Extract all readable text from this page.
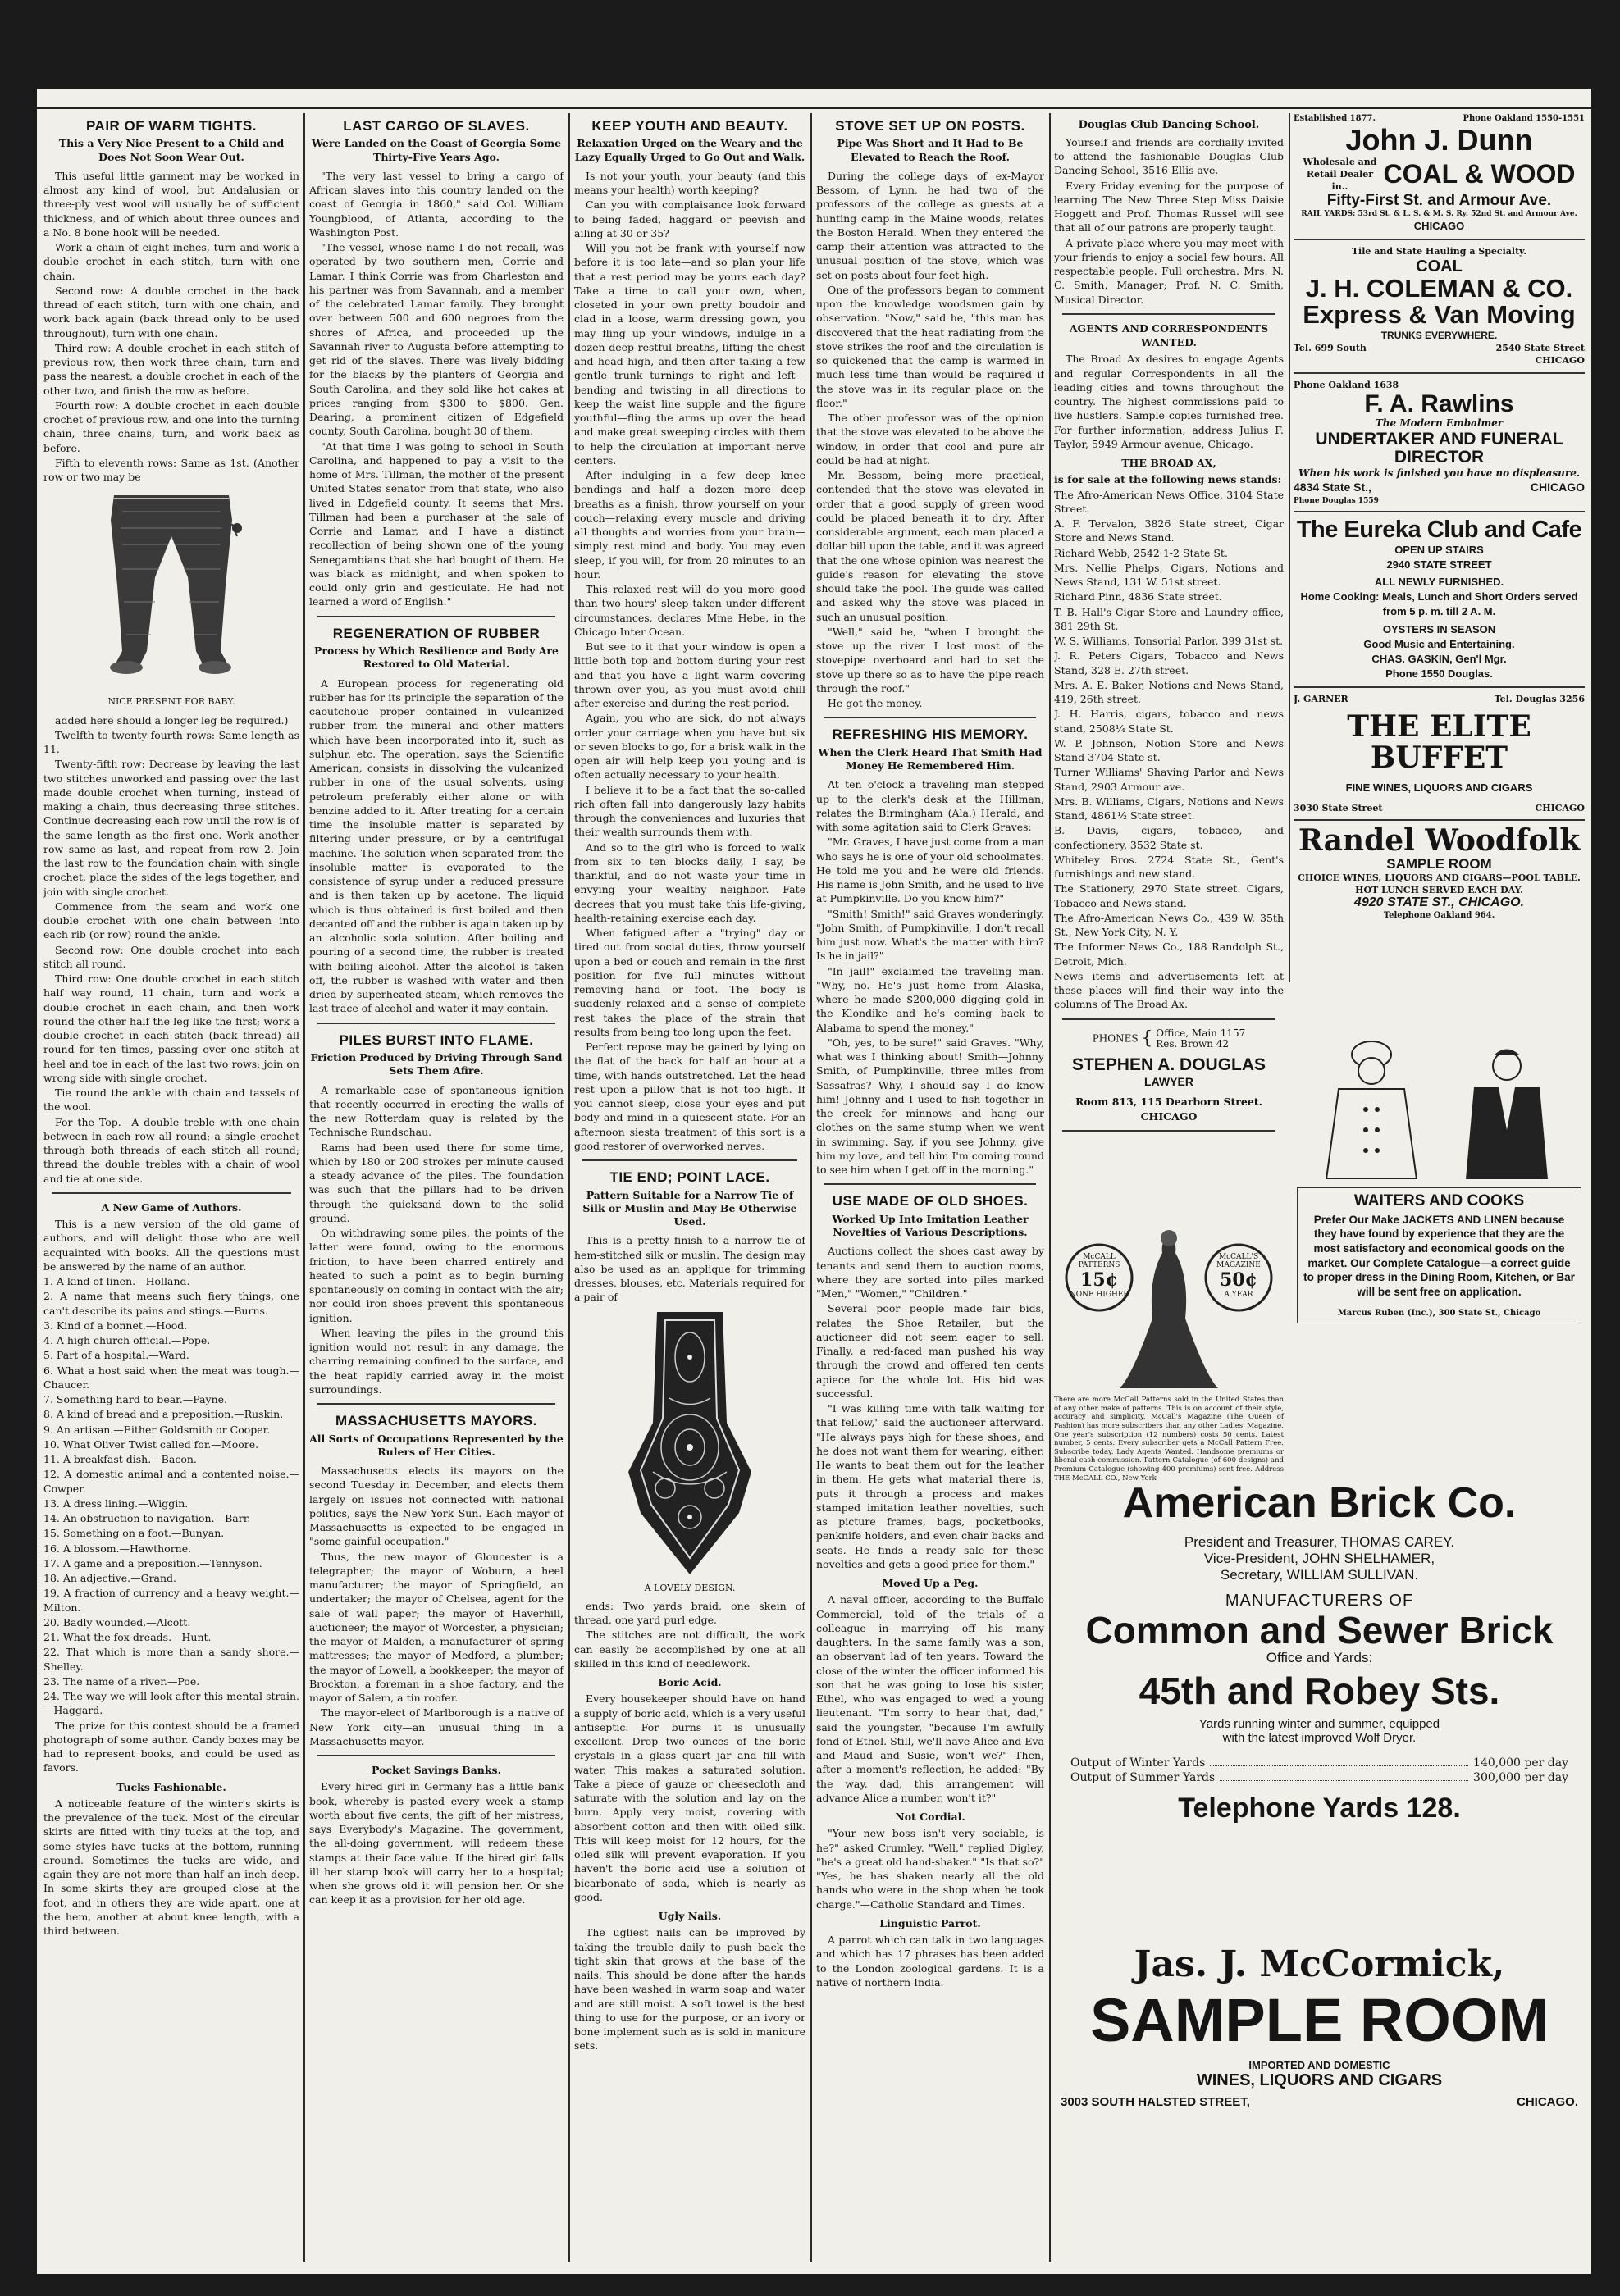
PAIR OF WARM TIGHTS.
This a Very Nice Present to a Child and Does Not Soon Wear Out.

This useful little garment may be worked in almost any kind of wool, but Andalusian or three-ply vest wool will usually be of sufficient thickness, and of which about three ounces and a No. 8 bone hook will be needed.

Work a chain of eight inches, turn and work a double crochet in each stitch, turn with one chain.

Second row: A double crochet in the back thread of each stitch, turn with one chain, and work back again (back thread only to be used throughout), turn with one chain.

Third row: A double crochet in each stitch of previous row, then work three chain, turn and pass the nearest, a double crochet in each of the other two, and finish the row as before.

Fourth row: A double crochet in each double crochet of previous row, and one into the turning chain, three chains, turn, and work back as before.

Fifth to eleventh rows: Same as 1st. (Another row or two may be

NICE PRESENT FOR BABY.

added here should a longer leg be required.)

Twelfth to twenty-fourth rows: Same length as 11.

Twenty-fifth row: Decrease by leaving the last two stitches unworked and passing over the last made double crochet when turning, instead of making a chain, thus decreasing three stitches. Continue decreasing each row until the row is of the same length as the first one. Work another row same as last, and repeat from row 2. Join the last row to the foundation chain with single crochet, place the sides of the legs together, and join with single crochet.

Commence from the seam and work one double crochet with one chain between into each rib (or row) round the ankle.

Second row: One double crochet into each stitch all round.

Third row: One double crochet in each stitch half way round, 11 chain, turn and work a double crochet in each chain, and then work round the other half the leg like the first; work a double crochet in each stitch (back thread) all round for ten times, passing over one stitch at heel and toe in each of the last two rows; join on wrong side with single crochet.

Tie round the ankle with chain and tassels of the wool.

For the Top.—A double treble with one chain between in each row all round; a single crochet through both threads of each stitch all round; thread the double trebles with a chain of wool and tie at one side.

A New Game of Authors.

This is a new version of the old game of authors, and will delight those who are well acquainted with books. All the questions must be answered by the name of an author.

1. A kind of linen.—Holland.

2. A name that means such fiery things, one can't describe its pains and stings.—Burns.

3. Kind of a bonnet.—Hood.

4. A high church official.—Pope.

5. Part of a hospital.—Ward.

6. What a host said when the meat was tough.—Chaucer.

7. Something hard to bear.—Payne.

8. A kind of bread and a preposition.—Ruskin.

9. An artisan.—Either Goldsmith or Cooper.

10. What Oliver Twist called for.—Moore.

11. A breakfast dish.—Bacon.

12. A domestic animal and a contented noise.—Cowper.

13. A dress lining.—Wiggin.

14. An obstruction to navigation.—Barr.

15. Something on a foot.—Bunyan.

16. A blossom.—Hawthorne.

17. A game and a preposition.—Tennyson.

18. An adjective.—Grand.

19. A fraction of currency and a heavy weight.—Milton.

20. Badly wounded.—Alcott.

21. What the fox dreads.—Hunt.

22. That which is more than a sandy shore.—Shelley.

23. The name of a river.—Poe.

24. The way we will look after this mental strain.—Haggard.

The prize for this contest should be a framed photograph of some author. Candy boxes may be had to represent books, and could be used as favors.

Tucks Fashionable.

A noticeable feature of the winter's skirts is the prevalence of the tuck. Most of the circular skirts are fitted with tiny tucks at the top, and some styles have tucks at the bottom, running around. Sometimes the tucks are wide, and again they are not more than half an inch deep. In some skirts they are grouped close at the foot, and in others they are wide apart, one at the hem, another at about knee length, with a third between.

LAST CARGO OF SLAVES.
Were Landed on the Coast of Georgia Some Thirty-Five Years Ago.

"The very last vessel to bring a cargo of African slaves into this country landed on the coast of Georgia in 1860," said Col. William Youngblood, of Atlanta, according to the Washington Post.

"The vessel, whose name I do not recall, was operated by two southern men, Corrie and Lamar. I think Corrie was from Charleston and his partner was from Savannah, and a member of the celebrated Lamar family. They brought over between 500 and 600 negroes from the shores of Africa, and proceeded up the Savannah river to Augusta before attempting to get rid of the slaves. There was lively bidding for the blacks by the planters of Georgia and South Carolina, and they sold like hot cakes at prices ranging from $300 to $800. Gen. Dearing, a prominent citizen of Edgefield county, South Carolina, bought 30 of them.

"At that time I was going to school in South Carolina, and happened to pay a visit to the home of Mrs. Tillman, the mother of the present United States senator from that state, who also lived in Edgefield county. It seems that Mrs. Tillman had been a purchaser at the sale of Corrie and Lamar, and I have a distinct recollection of being shown one of the young Senegambians that she had bought of them. He was black as midnight, and when spoken to could only grin and gesticulate. He had not learned a word of English."

REGENERATION OF RUBBER
Process by Which Resilience and Body Are Restored to Old Material.

A European process for regenerating old rubber has for its principle the separation of the caoutchouc proper contained in vulcanized rubber from the mineral and other matters which have been incorporated into it, such as sulphur, etc. The operation, says the Scientific American, consists in dissolving the vulcanized rubber in one of the usual solvents, using petroleum preferably either alone or with benzine added to it. After treating for a certain time the insoluble matter is separated by filtering under pressure, or by a centrifugal machine. The solution when separated from the insoluble matter is evaporated to the consistence of syrup under a reduced pressure and is then taken up by acetone. The liquid which is thus obtained is first boiled and then decanted off and the rubber is again taken up by an alcoholic soda solution. After boiling and pouring of a second time, the rubber is treated with boiling alcohol. After the alcohol is taken off, the rubber is washed with water and then dried by superheated steam, which removes the last trace of alcohol and water it may contain.

PILES BURST INTO FLAME.
Friction Produced by Driving Through Sand Sets Them Afire.

A remarkable case of spontaneous ignition that recently occurred in erecting the walls of the new Rotterdam quay is related by the Technische Rundschau.

Rams had been used there for some time, which by 180 or 200 strokes per minute caused a steady advance of the piles. The foundation was such that the pillars had to be driven through the quicksand down to the solid ground.

On withdrawing some piles, the points of the latter were found, owing to the enormous friction, to have been charred entirely and heated to such a point as to begin burning spontaneously on coming in contact with the air; nor could iron shoes prevent this spontaneous ignition.

When leaving the piles in the ground this ignition would not result in any damage, the charring remaining confined to the surface, and the heat rapidly carried away in the moist surroundings.

MASSACHUSETTS MAYORS.
All Sorts of Occupations Represented by the Rulers of Her Cities.

Massachusetts elects its mayors on the second Tuesday in December, and elects them largely on issues not connected with national politics, says the New York Sun. Each mayor of Massachusetts is expected to be engaged in "some gainful occupation."

Thus, the new mayor of Gloucester is a telegrapher; the mayor of Woburn, a heel manufacturer; the mayor of Springfield, an undertaker; the mayor of Chelsea, agent for the sale of wall paper; the mayor of Haverhill, auctioneer; the mayor of Worcester, a physician; the mayor of Malden, a manufacturer of spring mattresses; the mayor of Medford, a plumber; the mayor of Lowell, a bookkeeper; the mayor of Brockton, a foreman in a shoe factory, and the mayor of Salem, a tin roofer.

The mayor-elect of Marlborough is a native of New York city—an unusual thing in a Massachusetts mayor.

Pocket Savings Banks.

Every hired girl in Germany has a little bank book, whereby is pasted every week a stamp worth about five cents, the gift of her mistress, says Everybody's Magazine. The government, the all-doing government, will redeem these stamps at their face value. If the hired girl falls ill her stamp book will carry her to a hospital; when she grows old it will pension her. Or she can keep it as a provision for her old age.

KEEP YOUTH AND BEAUTY.
Relaxation Urged on the Weary and the Lazy Equally Urged to Go Out and Walk.

Is not your youth, your beauty (and this means your health) worth keeping?

Can you with complaisance look forward to being faded, haggard or peevish and ailing at 30 or 35?

Will you not be frank with yourself now before it is too late—and so plan your life that a rest period may be yours each day? Take a time to call your own, when, closeted in your own pretty boudoir and clad in a loose, warm dressing gown, you may fling up your windows, indulge in a dozen deep restful breaths, lifting the chest and head high, and then after taking a few gentle trunk turnings to right and left—bending and twisting in all directions to keep the waist line supple and the figure youthful—fling the arms up over the head and make great sweeping circles with them to help the circulation at important nerve centers.

After indulging in a few deep knee bendings and half a dozen more deep breaths as a finish, throw yourself on your couch—relaxing every muscle and driving all thoughts and worries from your brain—simply rest mind and body. You may even sleep, if you will, for from 20 minutes to an hour.

This relaxed rest will do you more good than two hours' sleep taken under different circumstances, declares Mme Hebe, in the Chicago Inter Ocean.

But see to it that your window is open a little both top and bottom during your rest and that you have a light warm covering thrown over you, as you must avoid chill after exercise and during the rest period.

Again, you who are sick, do not always order your carriage when you have but six or seven blocks to go, for a brisk walk in the open air will help keep you young and is often actually necessary to your health.

I believe it to be a fact that the so-called rich often fall into dangerously lazy habits through the conveniences and luxuries that their wealth surrounds them with.

And so to the girl who is forced to walk from six to ten blocks daily, I say, be thankful, and do not waste your time in envying your wealthy neighbor. Fate decrees that you must take this life-giving, health-retaining exercise each day.

When fatigued after a "trying" day or tired out from social duties, throw yourself upon a bed or couch and remain in the first position for five full minutes without removing hand or foot. The body is suddenly relaxed and a sense of complete rest takes the place of the strain that results from being too long upon the feet.

Perfect repose may be gained by lying on the flat of the back for half an hour at a time, with hands outstretched. Let the head rest upon a pillow that is not too high. If you cannot sleep, close your eyes and put body and mind in a quiescent state. For an afternoon siesta treatment of this sort is a good restorer of overworked nerves.

TIE END; POINT LACE.
Pattern Suitable for a Narrow Tie of Silk or Muslin and May Be Otherwise Used.

This is a pretty finish to a narrow tie of hem-stitched silk or muslin. The design may also be used as an applique for trimming dresses, blouses, etc. Materials required for a pair of

A LOVELY DESIGN.

ends: Two yards braid, one skein of thread, one yard purl edge.

The stitches are not difficult, the work can easily be accomplished by one at all skilled in this kind of needlework.

Boric Acid.

Every housekeeper should have on hand a supply of boric acid, which is a very useful antiseptic. For burns it is unusually excellent. Drop two ounces of the boric crystals in a glass quart jar and fill with water. This makes a saturated solution. Take a piece of gauze or cheesecloth and saturate with the solution and lay on the burn. Apply very moist, covering with absorbent cotton and then with oiled silk. This will keep moist for 12 hours, for the oiled silk will prevent evaporation. If you haven't the boric acid use a solution of bicarbonate of soda, which is nearly as good.

Ugly Nails.

The ugliest nails can be improved by taking the trouble daily to push back the tight skin that grows at the base of the nails. This should be done after the hands have been washed in warm soap and water and are still moist. A soft towel is the best thing to use for the purpose, or an ivory or bone implement such as is sold in manicure sets.

STOVE SET UP ON POSTS.
Pipe Was Short and It Had to Be Elevated to Reach the Roof.

During the college days of ex-Mayor Bessom, of Lynn, he had two of the professors of the college as guests at a hunting camp in the Maine woods, relates the Boston Herald. When they entered the camp their attention was attracted to the unusual position of the stove, which was set on posts about four feet high.

One of the professors began to comment upon the knowledge woodsmen gain by observation. "Now," said he, "this man has discovered that the heat radiating from the stove strikes the roof and the circulation is so quickened that the camp is warmed in much less time than would be required if the stove was in its regular place on the floor."

The other professor was of the opinion that the stove was elevated to be above the window, in order that cool and pure air could be had at night.

Mr. Bessom, being more practical, contended that the stove was elevated in order that a good supply of green wood could be placed beneath it to dry. After considerable argument, each man placed a dollar bill upon the table, and it was agreed that the one whose opinion was nearest the guide's reason for elevating the stove should take the pool. The guide was called and asked why the stove was placed in such an unusual position.

"Well," said he, "when I brought the stove up the river I lost most of the stovepipe overboard and had to set the stove up there so as to have the pipe reach through the roof."

He got the money.

REFRESHING HIS MEMORY.
When the Clerk Heard That Smith Had Money He Remembered Him.

At ten o'clock a traveling man stepped up to the clerk's desk at the Hillman, relates the Birmingham (Ala.) Herald, and with some agitation said to Clerk Graves:

"Mr. Graves, I have just come from a man who says he is one of your old schoolmates. He told me you and he were old friends. His name is John Smith, and he used to live at Pumpkinville. Do you know him?"

"Smith! Smith!" said Graves wonderingly. "John Smith, of Pumpkinville, I don't recall him just now. What's the matter with him? Is he in jail?"

"In jail!" exclaimed the traveling man. "Why, no. He's just home from Alaska, where he made $200,000 digging gold in the Klondike and he's coming back to Alabama to spend the money."

"Oh, yes, to be sure!" said Graves. "Why, what was I thinking about! Smith—Johnny Smith, of Pumpkinville, three miles from Sassafras? Why, I should say I do know him! Johnny and I used to fish together in the creek for minnows and hang our clothes on the same stump when we went in swimming. Say, if you see Johnny, give him my love, and tell him I'm coming round to see him when I get off in the morning."

USE MADE OF OLD SHOES.
Worked Up Into Imitation Leather Novelties of Various Descriptions.

Auctions collect the shoes cast away by tenants and send them to auction rooms, where they are sorted into piles marked "Men," "Women," "Children."

Several poor people made fair bids, relates the Shoe Retailer, but the auctioneer did not seem eager to sell. Finally, a red-faced man pushed his way through the crowd and offered ten cents apiece for the whole lot. His bid was successful.

"I was killing time with talk waiting for that fellow," said the auctioneer afterward. "He always pays high for these shoes, and he does not want them for wearing, either. He wants to beat them out for the leather in them. He gets what material there is, puts it through a process and makes stamped imitation leather novelties, such as picture frames, bags, pocketbooks, penknife holders, and even chair backs and seats. He finds a ready sale for these novelties and gets a good price for them."

Moved Up a Peg.

A naval officer, according to the Buffalo Commercial, told of the trials of a colleague in marrying off his many daughters. In the same family was a son, an observant lad of ten years. Toward the close of the winter the officer informed his son that he was going to lose his sister, Ethel, who was engaged to wed a young lieutenant. "I'm sorry to hear that, dad," said the youngster, "because I'm awfully fond of Ethel. Still, we'll have Alice and Eva and Maud and Susie, won't we?" Then, after a moment's reflection, he added: "By the way, dad, this arrangement will advance Alice a number, won't it?"

Not Cordial.

"Your new boss isn't very sociable, is he?" asked Crumley. "Well," replied Digley, "he's a great old hand-shaker." "Is that so?" "Yes, he has shaken nearly all the old hands who were in the shop when he took charge."—Catholic Standard and Times.

Linguistic Parrot.

A parrot which can talk in two languages and which has 17 phrases has been added to the London zoological gardens. It is a native of northern India.

Douglas Club Dancing School.

Yourself and friends are cordially invited to attend the fashionable Douglas Club Dancing School, 3516 Ellis ave.

Every Friday evening for the purpose of learning The New Three Step Miss Daisie Hoggett and Prof. Thomas Russel will see that all of our patrons are properly taught.

A private place where you may meet with your friends to enjoy a social few hours. All respectable people. Full orchestra. Mrs. N. C. Smith, Manager; Prof. N. C. Smith, Musical Director.

AGENTS AND CORRESPONDENTS WANTED.

The Broad Ax desires to engage Agents and regular Correspondents in all the leading cities and towns throughout the country. The highest commissions paid to live hustlers. Sample copies furnished free. For further information, address Julius F. Taylor, 5949 Armour avenue, Chicago.

THE BROAD AX,

is for sale at the following news stands:

The Afro-American News Office, 3104 State Street.

A. F. Tervalon, 3826 State street, Cigar Store and News Stand.

Richard Webb, 2542 1-2 State St.

Mrs. Nellie Phelps, Cigars, Notions and News Stand, 131 W. 51st street.

Richard Pinn, 4836 State street.

T. B. Hall's Cigar Store and Laundry office, 381 29th St.

W. S. Williams, Tonsorial Parlor, 399 31st st.

J. R. Peters Cigars, Tobacco and News Stand, 328 E. 27th street.

Mrs. A. E. Baker, Notions and News Stand, 419, 26th street.

J. H. Harris, cigars, tobacco and news stand, 2508¼ State St.

W. P. Johnson, Notion Store and News Stand 3704 State st.

Turner Williams' Shaving Parlor and News Stand, 2903 Armour ave.

Mrs. B. Williams, Cigars, Notions and News Stand, 4861½ State street.

B. Davis, cigars, tobacco, and confectionery, 3532 State st.

Whiteley Bros. 2724 State St., Gent's furnishings and new stand.

The Stationery, 2970 State street. Cigars, Tobacco and News stand.

The Afro-American News Co., 439 W. 35th St., New York City, N. Y.

The Informer News Co., 188 Randolph St., Detroit, Mich.

News items and advertisements left at these places will find their way into the columns of The Broad Ax.

PHONES { Office, Main 1157
Res. Brown 42
STEPHEN A. DOUGLAS
LAWYER
Room 813, 115 Dearborn Street.
CHICAGO
McCALL PATTERNS
15¢
NONE HIGHER
McCALL'S MAGAZINE
50¢
A YEAR
There are more McCall Patterns sold in the United States than of any other make of patterns. This is on account of their style, accuracy and simplicity. McCall's Magazine (The Queen of Fashion) has more subscribers than any other Ladies' Magazine. One year's subscription (12 numbers) costs 50 cents. Latest number, 5 cents. Every subscriber gets a McCall Pattern Free. Subscribe today. Lady Agents Wanted. Handsome premiums or liberal cash commission. Pattern Catalogue (of 600 designs) and Premium Catalogue (showing 400 premiums) sent free. Address THE McCALL CO., New York
Established 1877.	Phone Oakland 1550-1551
John J. Dunn
Wholesale and Retail Dealer in..	COAL & WOOD
Fifty-First St. and Armour Ave.
RAIL YARDS: 53rd St. & L. S. & M. S. Ry. 52nd St. and Armour Ave.
CHICAGO
Tile and State Hauling a Specialty.
COAL
J. H. COLEMAN & CO.
Express & Van Moving
TRUNKS EVERYWHERE.
Tel. 699 South	2540 State Street
CHICAGO
Phone Oakland 1638
F. A. Rawlins
The Modern Embalmer
UNDERTAKER AND FUNERAL DIRECTOR
When his work is finished you have no displeasure.
4834 State St.,	CHICAGO
Phone Douglas 1559
The Eureka Club and Cafe
OPEN UP STAIRS
2940 STATE STREET
ALL NEWLY FURNISHED.
Home Cooking: Meals, Lunch and Short Orders served from 5 p. m. till 2 A. M.
OYSTERS IN SEASON
Good Music and Entertaining.
CHAS. GASKIN, Gen'l Mgr.
Phone 1550 Douglas.
J. GARNER	Tel. Douglas 3256
THE ELITE BUFFET
FINE WINES, LIQUORS AND CIGARS
3030 State Street	CHICAGO
Randel Woodfolk
SAMPLE ROOM
CHOICE WINES, LIQUORS AND CIGARS—POOL TABLE. HOT LUNCH SERVED EACH DAY.
4920 STATE ST., CHICAGO.
Telephone Oakland 964.
WAITERS AND COOKS
Prefer Our Make JACKETS AND LINEN because they have found by experience that they are the most satisfactory and economical goods on the market. Our Complete Catalogue—a correct guide to proper dress in the Dining Room, Kitchen, or Bar will be sent free on application.
Marcus Ruben (Inc.), 300 State St., Chicago
American Brick Co.
President and Treasurer, THOMAS CAREY.
Vice-President, JOHN SHELHAMER,
Secretary, WILLIAM SULLIVAN.
MANUFACTURERS OF
Common and Sewer Brick
Office and Yards:
45th and Robey Sts.
Yards running winter and summer, equipped
with the latest improved Wolf Dryer.
Output of Winter Yards	140,000 per day
Output of Summer Yards	300,000 per day
Telephone Yards 128.
Jas. J. McCormick,
SAMPLE ROOM
IMPORTED AND DOMESTIC
WINES, LIQUORS AND CIGARS
3003 SOUTH HALSTED STREET,	CHICAGO.
